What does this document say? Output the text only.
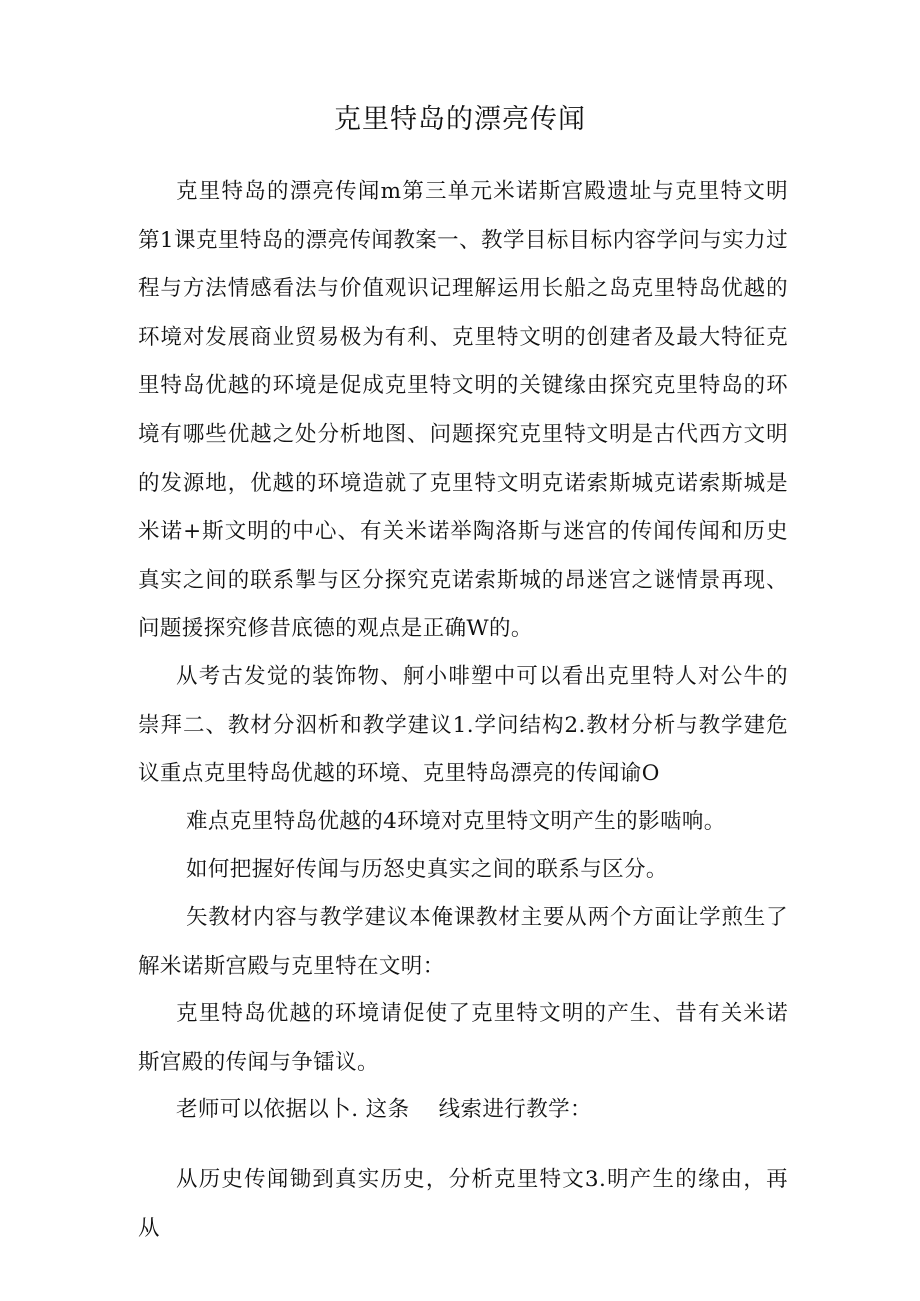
克里特岛的漂亮传闻

克里特岛的漂亮传闻m第三单元米诺斯宫殿遗址与克里特文明第1课克里特岛的漂亮传闻教案一、教学目标目标内容学问与实力过程与方法情感看法与价值观识记理解运用长船之岛克里特岛优越的环境对发展商业贸易极为有利、克里特文明的创建者及最大特征克里特岛优越的环境是促成克里特文明的关键缘由探究克里特岛的环境有哪些优越之处分析地图、问题探究克里特文明是古代西方文明的发源地，优越的环境造就了克里特文明克诺索斯城克诺索斯城是米诺+斯文明的中心、有关米诺举陶洛斯与迷宫的传闻传闻和历史真实之间的联系掣与区分探究克诺索斯城的昂迷宫之谜情景再现、问题援探究修昔底德的观点是正确W的。

从考古发觉的装饰物、舸小啡塑中可以看出克里特人对公牛的崇拜二、教材分泅析和教学建议1.学问结构2.教材分析与教学建危议重点克里特岛优越的环境、克里特岛漂亮的传闻谕O

难点克里特岛优越的4环境对克里特文明产生的影啮响。

如何把握好传闻与历怒史真实之间的联系与区分。

矢教材内容与教学建议本俺课教材主要从两个方面让学煎生了解米诺斯宫殿与克里特在文明：

克里特岛优越的环境请促使了克里特文明的产生、昔有关米诺斯宫殿的传闻与争镭议。

老师可以依据以卜. 这条　 线索进行教学：

从历史传闻锄到真实历史，分析克里特文3.明产生的缘由，再从
